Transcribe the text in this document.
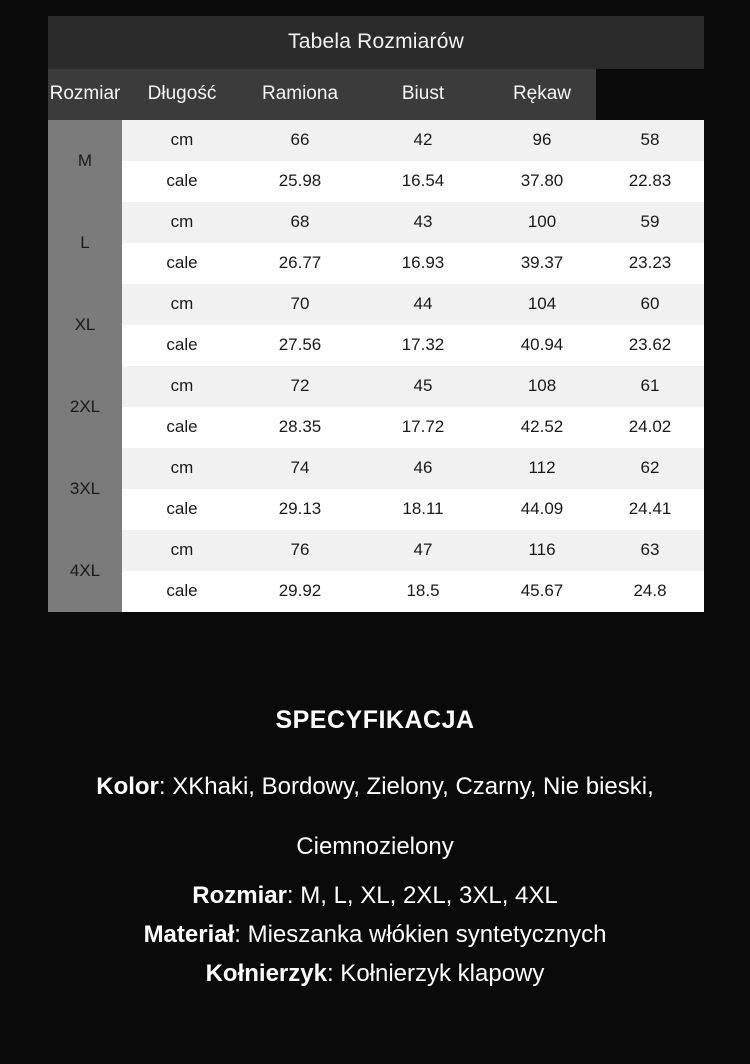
Tabela Rozmiarów
Rozmiar	Długość	Ramiona	Biust	Rękaw	
M	cm	66	42	96	58
	cale	25.98	16.54	37.80	22.83
L	cm	68	43	100	59
	cale	26.77	16.93	39.37	23.23
XL	cm	70	44	104	60
	cale	27.56	17.32	40.94	23.62
2XL	cm	72	45	108	61
	cale	28.35	17.72	42.52	24.02
3XL	cm	74	46	112	62
	cale	29.13	18.11	44.09	24.41
4XL	cm	76	47	116	63
	cale	29.92	18.5	45.67	24.8
SPECYFIKACJA
Kolor: XKhaki, Bordowy, Zielony, Czarny, Nie bieski, Ciemnozielony
Rozmiar: M, L, XL, 2XL, 3XL, 4XL
Materiał: Mieszanka włókien syntetycznych
Kołnierzyk: Kołnierzyk klapowy
